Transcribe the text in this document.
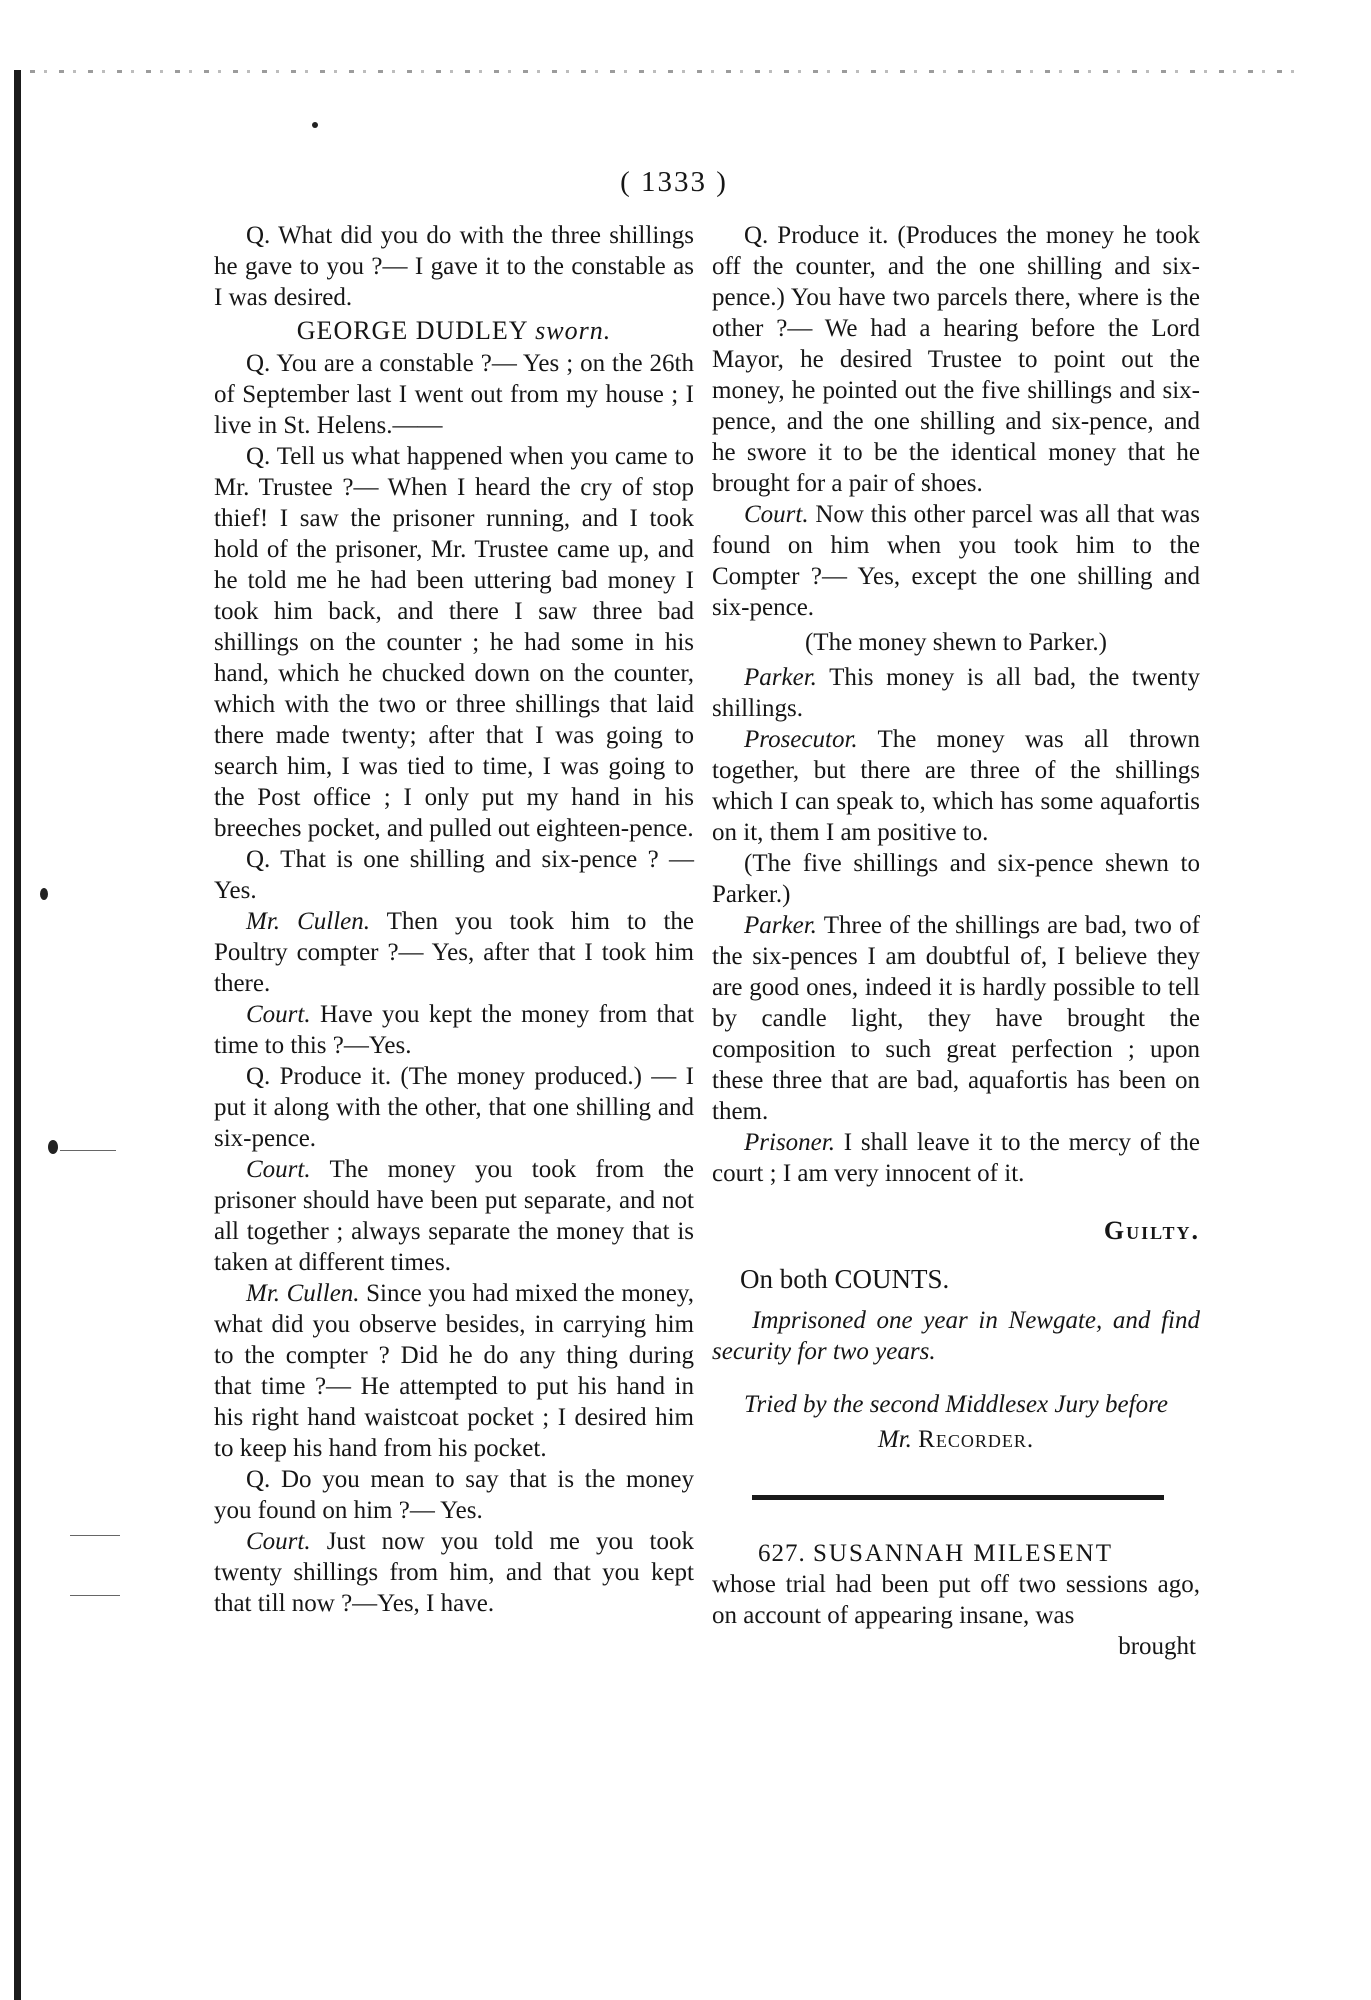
( 1333 )

Q. What did you do with the three shillings he gave to you ?— I gave it to the constable as I was desired.

GEORGE DUDLEY sworn.

Q. You are a constable ?— Yes ; on the 26th of September last I went out from my house ; I live in St. Helens.——

Q. Tell us what happened when you came to Mr. Trustee ?— When I heard the cry of stop thief! I saw the prisoner running, and I took hold of the prisoner, Mr. Trustee came up, and he told me he had been uttering bad money I took him back, and there I saw three bad shillings on the counter ; he had some in his hand, which he chucked down on the counter, which with the two or three shillings that laid there made twenty; after that I was going to search him, I was tied to time, I was going to the Post office ; I only put my hand in his breeches pocket, and pulled out eighteen-pence.

Q. That is one shilling and six-pence ? —Yes.

Mr. Cullen. Then you took him to the Poultry compter ?— Yes, after that I took him there.

Court. Have you kept the money from that time to this ?—Yes.

Q. Produce it. (The money produced.) — I put it along with the other, that one shilling and six-pence.

Court. The money you took from the prisoner should have been put separate, and not all together ; always separate the money that is taken at different times.

Mr. Cullen. Since you had mixed the money, what did you observe besides, in carrying him to the compter ? Did he do any thing during that time ?— He attempted to put his hand in his right hand waistcoat pocket ; I desired him to keep his hand from his pocket.

Q. Do you mean to say that is the money you found on him ?— Yes.

Court. Just now you told me you took twenty shillings from him, and that you kept that till now ?—Yes, I have.

Q. Produce it. (Produces the money he took off the counter, and the one shilling and six-pence.) You have two parcels there, where is the other ?— We had a hearing before the Lord Mayor, he desired Trustee to point out the money, he pointed out the five shillings and six-pence, and the one shilling and six-pence, and he swore it to be the identical money that he brought for a pair of shoes.

Court. Now this other parcel was all that was found on him when you took him to the Compter ?— Yes, except the one shilling and six-pence.

(The money shewn to Parker.)

Parker. This money is all bad, the twenty shillings.

Prosecutor. The money was all thrown together, but there are three of the shillings which I can speak to, which has some aquafortis on it, them I am positive to.

(The five shillings and six-pence shewn to Parker.)

Parker. Three of the shillings are bad, two of the six-pences I am doubtful of, I believe they are good ones, indeed it is hardly possible to tell by candle light, they have brought the composition to such great perfection ; upon these three that are bad, aquafortis has been on them.

Prisoner. I shall leave it to the mercy of the court ; I am very innocent of it.

Guilty.

On both COUNTS.

Imprisoned one year in Newgate, and find security for two years.

Tried by the second Middlesex Jury before

Mr. Recorder.

627. SUSANNAH MILESENT

whose trial had been put off two sessions ago, on account of appearing insane, was

brought
